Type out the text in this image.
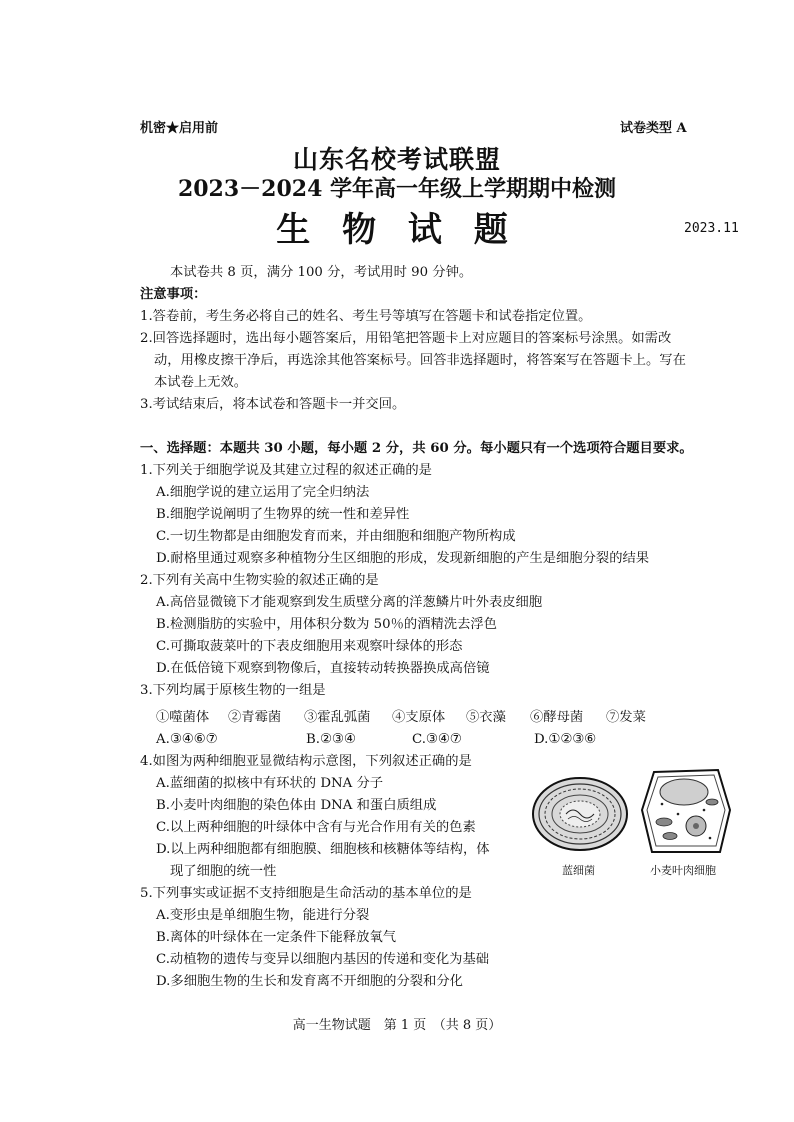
机密★启用前	试卷类型 A
山东名校考试联盟
2023－2024 学年高一年级上学期期中检测
生 物 试 题	2023.11
本试卷共 8 页，满分 100 分，考试用时 90 分钟。
注意事项：
1.答卷前，考生务必将自己的姓名、考生号等填写在答题卡和试卷指定位置。
2.回答选择题时，选出每小题答案后，用铅笔把答题卡上对应题目的答案标号涂黑。如需改
动，用橡皮擦干净后，再选涂其他答案标号。回答非选择题时，将答案写在答题卡上。写在
本试卷上无效。
3.考试结束后，将本试卷和答题卡一并交回。
一、选择题：本题共 30 小题，每小题 2 分，共 60 分。每小题只有一个选项符合题目要求。
1.下列关于细胞学说及其建立过程的叙述正确的是
A.细胞学说的建立运用了完全归纳法
B.细胞学说阐明了生物界的统一性和差异性
C.一切生物都是由细胞发育而来，并由细胞和细胞产物所构成
D.耐格里通过观察多种植物分生区细胞的形成，发现新细胞的产生是细胞分裂的结果
2.下列有关高中生物实验的叙述正确的是
A.高倍显微镜下才能观察到发生质壁分离的洋葱鳞片叶外表皮细胞
B.检测脂肪的实验中，用体积分数为 50％的酒精洗去浮色
C.可撕取菠菜叶的下表皮细胞用来观察叶绿体的形态
D.在低倍镜下观察到物像后，直接转动转换器换成高倍镜
3.下列均属于原核生物的一组是
①噬菌体 ②青霉菌 ③霍乱弧菌 ④支原体 ⑤衣藻 ⑥酵母菌 ⑦发菜
A.③④⑥⑦	B.②③④	C.③④⑦	D.①②③⑥
4.如图为两种细胞亚显微结构示意图，下列叙述正确的是
A.蓝细菌的拟核中有环状的 DNA 分子
B.小麦叶肉细胞的染色体由 DNA 和蛋白质组成
C.以上两种细胞的叶绿体中含有与光合作用有关的色素
D.以上两种细胞都有细胞膜、细胞核和核糖体等结构，体
现了细胞的统一性	蓝细菌	小麦叶肉细胞
5.下列事实或证据不支持细胞是生命活动的基本单位的是
A.变形虫是单细胞生物，能进行分裂
B.离体的叶绿体在一定条件下能释放氧气
C.动植物的遗传与变异以细胞内基因的传递和变化为基础
D.多细胞生物的生长和发育离不开细胞的分裂和分化
高一生物试题　第 1 页　（共 8 页）
